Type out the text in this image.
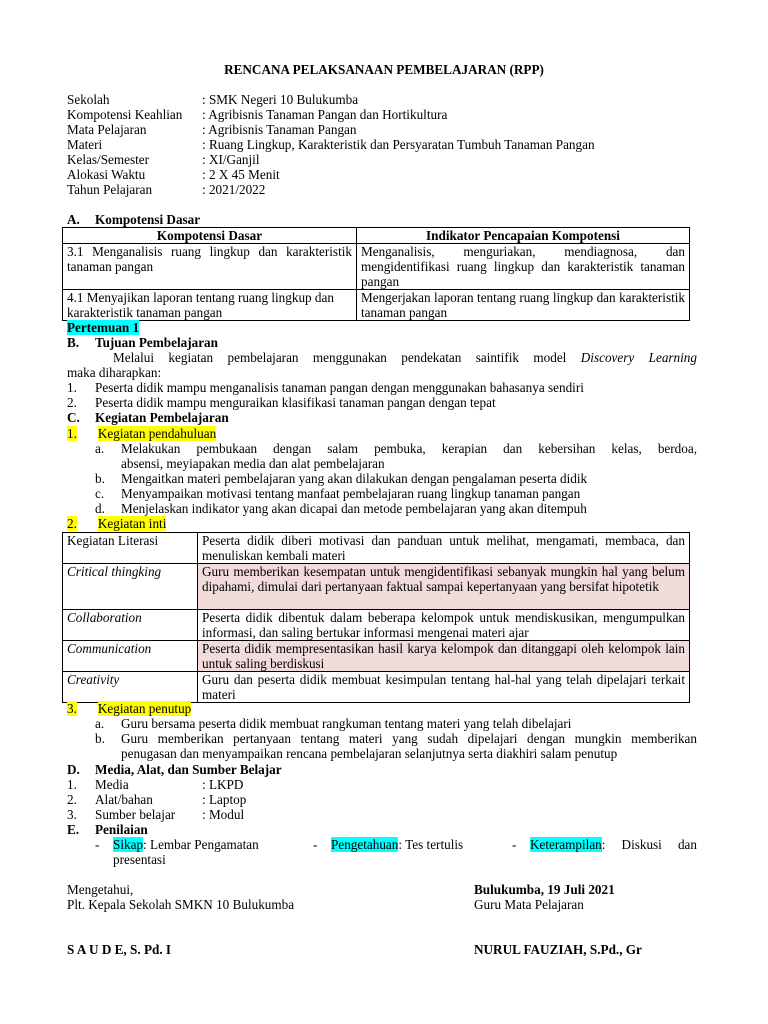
RENCANA PELAKSANAAN PEMBELAJARAN (RPP)
Sekolah	: SMK Negeri 10 Bulukumba
Kompotensi Keahlian : Agribisnis Tanaman Pangan dan Hortikultura
Mata Pelajaran	: Agribisnis Tanaman Pangan
Materi	: Ruang Lingkup, Karakteristik dan Persyaratan Tumbuh Tanaman Pangan
Kelas/Semester	: XI/Ganjil
Alokasi Waktu	: 2 X 45 Menit
Tahun Pelajaran	: 2021/2022
A. Kompotensi Dasar
Kompotensi Dasar	Indikator Pencapaian Kompotensi
3.1 Menganalisis ruang lingkup dan karakteristik tanaman pangan	Menganalisis, menguriakan, mendiagnosa, dan mengidentifikasi ruang lingkup dan karakteristik tanaman pangan
4.1 Menyajikan laporan tentang ruang lingkup dan karakteristik tanaman pangan	Mengerjakan laporan tentang ruang lingkup dan karakteristik tanaman pangan
Pertemuan 1
B. Tujuan Pembelajaran
Melalui kegiatan pembelajaran menggunakan pendekatan saintifik model Discovery Learning
maka diharapkan:
1. Peserta didik mampu menganalisis tanaman pangan dengan menggunakan bahasanya sendiri
2. Peserta didik mampu menguraikan klasifikasi tanaman pangan dengan tepat
C. Kegiatan Pembelajaran
1. Kegiatan pendahuluan
a. Melakukan pembukaan dengan salam pembuka, kerapian dan kebersihan kelas, berdoa,
absensi, meyiapakan media dan alat pembelajaran
b. Mengaitkan materi pembelajaran yang akan dilakukan dengan pengalaman peserta didik
c. Menyampaikan motivasi tentang manfaat pembelajaran ruang lingkup tanaman pangan
d. Menjelaskan indikator yang akan dicapai dan metode pembelajaran yang akan ditempuh
2. Kegiatan inti
Kegiatan Literasi	Peserta didik diberi motivasi dan panduan untuk melihat, mengamati, membaca, dan menuliskan kembali materi
Critical thingking	Guru memberikan kesempatan untuk mengidentifikasi sebanyak mungkin hal yang belum dipahami, dimulai dari pertanyaan faktual sampai kepertanyaan yang bersifat hipotetik
Collaboration	Peserta didik dibentuk dalam beberapa kelompok untuk mendiskusikan, mengumpulkan informasi, dan saling bertukar informasi mengenai materi ajar
Communication	Peserta didik mempresentasikan hasil karya kelompok dan ditanggapi oleh kelompok lain untuk saling berdiskusi
Creativity	Guru dan peserta didik membuat kesimpulan tentang hal-hal yang telah dipelajari terkait materi
3. Kegiatan penutup
a. Guru bersama peserta didik membuat rangkuman tentang materi yang telah dibelajari
b. Guru memberikan pertanyaan tentang materi yang sudah dipelajari dengan mungkin memberikan
penugasan dan menyampaikan rencana pembelajaran selanjutnya serta diakhiri salam penutup
D. Media, Alat, dan Sumber Belajar
1. Media	: LKPD
2. Alat/bahan	: Laptop
3. Sumber belajar : Modul
E. Penilaian
- Sikap: Lembar Pengamatan	- Pengetahuan: Tes tertulis	- Keterampilan: Diskusi dan
presentasi
Mengetahui,
Plt. Kepala Sekolah SMKN 10 Bulukumba
S A U D E, S. Pd. I
Bulukumba, 19 Juli 2021
Guru Mata Pelajaran
NURUL FAUZIAH, S.Pd., Gr
